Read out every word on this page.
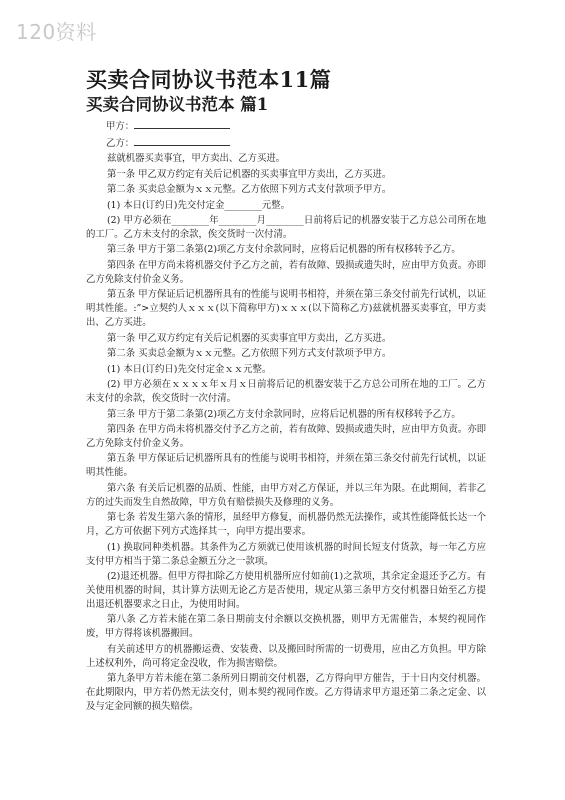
120资料
买卖合同协议书范本11篇
买卖合同协议书范本 篇1

甲方：

乙方：

兹就机器买卖事宜，甲方卖出、乙方买进。

第一条 甲乙双方约定有关后记机器的买卖事宜甲方卖出，乙方买进。

第二条 买卖总金额为ｘｘ元整。乙方依照下列方式支付款项予甲方。

(1) 本日(订约日)先交付定金________元整。

(2) 甲方必须在________年________月________日前将后记的机器安装于乙方总公司所在地的工厂。乙方未支付的余款，俟交货时一次付清。

第三条 甲方于第二条第(2)项乙方支付余款同时，应将后记机器的所有权移转予乙方。

第四条 在甲方尚未将机器交付予乙方之前，若有故障、毁损或遗失时，应由甲方负责。亦即乙方免除支付价金义务。

第五条 甲方保证后记机器所具有的性能与说明书相符，并须在第三条交付前先行试机，以证明其性能。:”>立契约人ｘｘｘ(以下简称甲方)ｘｘｘ(以下简称乙方)兹就机器买卖事宜，甲方卖出、乙方买进。

第一条 甲乙双方约定有关后记机器的买卖事宜甲方卖出，乙方买进。

第二条 买卖总金额为ｘｘ元整。乙方依照下列方式支付款项予甲方。

(1) 本日(订约日)先交付定金ｘｘ元整。

(2) 甲方必须在ｘｘｘｘ年ｘ月ｘ日前将后记的机器安装于乙方总公司所在地的工厂。乙方未支付的余款，俟交货时一次付清。

第三条 甲方于第二条第(2)项乙方支付余款同时，应将后记机器的所有权移转予乙方。

第四条 在甲方尚未将机器交付予乙方之前，若有故障、毁损或遗失时，应由甲方负责。亦即乙方免除支付价金义务。

第五条 甲方保证后记机器所具有的性能与说明书相符，并须在第三条交付前先行试机，以证明其性能。

第六条 有关后记机器的品质、性能，由甲方对乙方保证，并以三年为限。在此期间，若非乙方的过失而发生自然故障，甲方负有赔偿损失及修理的义务。

第七条 若发生第六条的情形，虽经甲方修复，而机器仍然无法操作，或其性能降低长达一个月，乙方可依据下列方式选择其一，向甲方提出要求。

(1) 换取同种类机器。其条件为乙方须就已使用该机器的时间长短支付货款，每一年乙方应支付甲方相当于第二条总金额五分之一款项。

(2)退还机器。但甲方得扣除乙方使用机器所应付如前(1)之款项，其余定金退还予乙方。有关使用机器的时间，其计算方法则无论乙方是否使用，规定从第三条甲方交付机器日始至乙方提出退还机器要求之日止，为使用时间。

第八条 乙方若未能在第二条日期前支付余额以交换机器，则甲方无需催告，本契约视同作废，甲方得将该机器搬回。

有关前述甲方的机器搬运费、安装费、以及搬回时所需的一切费用，应由乙方负担。甲方除上述权利外，尚可将定金没收，作为损害赔偿。

第九条甲方若未能在第二条所列日期前交付机器，乙方得向甲方催告，于十日内交付机器。在此期限内，甲方若仍然无法交付，则本契约视同作废。乙方得请求甲方退还第二条之定金、以及与定金同额的损失赔偿。
